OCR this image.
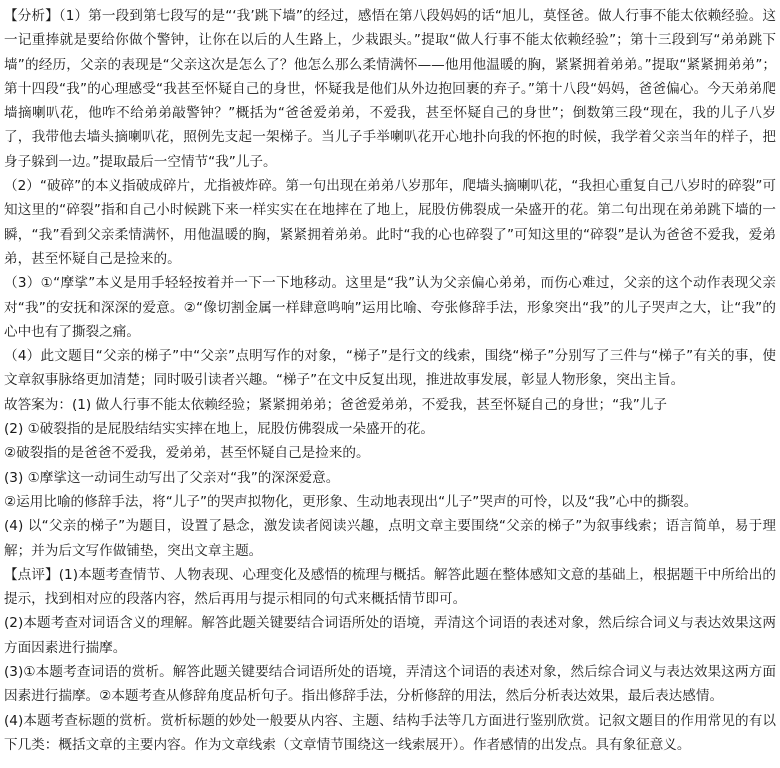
【分析】（1）第一段到第七段写的是“‘我’跳下墙”的经过，感悟在第八段妈妈的话“旭儿，莫怪爸。做人行事不能太依赖经验。这一记重捧就是要给你做个警钟，让你在以后的人生路上，少栽跟头。”提取“做人行事不能太依赖经验”；第十三段到写“弟弟跳下墙”的经历，父亲的表现是“父亲这次是怎么了？他怎么那么柔情满怀——他用他温暖的胸，紧紧拥着弟弟。”提取“紧紧拥弟弟”；第十四段“我”的心理感受“我甚至怀疑自己的身世，怀疑我是他们从外边抱回裹的弃子。”第十八段“妈妈，爸爸偏心。今天弟弟爬墙摘喇叭花，他咋不给弟弟敲警钟？”概括为“爸爸爱弟弟，不爱我，甚至怀疑自己的身世”；倒数第三段“现在，我的儿子八岁了，我带他去墙头摘喇叭花，照例先支起一架梯子。当儿子手举喇叭花开心地扑向我的怀抱的时候，我学着父亲当年的样子，把身子躲到一边。”提取最后一空情节“我”儿子。

（2）“破碎”的本义指破成碎片，尤指被炸碎。第一句出现在弟弟八岁那年，爬墙头摘喇叭花，“我担心重复自己八岁时的碎裂”可知这里的“碎裂”指和自己小时候跳下来一样实实在在地摔在了地上，屁股仿佛裂成一朵盛开的花。第二句出现在弟弟跳下墙的一瞬，“我”看到父亲柔情满怀，用他温暖的胸，紧紧拥着弟弟。此时“我的心也碎裂了”可知这里的“碎裂”是认为爸爸不爱我，爱弟弟，甚至怀疑自己是捡来的。

（3）①“摩挲”本义是用手轻轻按着并一下一下地移动。这里是“我”认为父亲偏心弟弟，而伤心难过，父亲的这个动作表现父亲对“我”的安抚和深深的爱意。②“像切割金属一样肆意鸣响”运用比喻、夸张修辞手法，形象突出“我”的儿子哭声之大，让“我”的心中也有了撕裂之痛。

（4）此文题目“父亲的梯子”中“父亲”点明写作的对象，“梯子”是行文的线索，围绕“梯子”分别写了三件与“梯子”有关的事，使文章叙事脉络更加清楚；同时吸引读者兴趣。“梯子”在文中反复出现，推进故事发展，彰显人物形象，突出主旨。

故答案为：(1) 做人行事不能太依赖经验；紧紧拥弟弟；爸爸爱弟弟，不爱我，甚至怀疑自己的身世；“我”儿子

(2) ①破裂指的是屁股结结实实摔在地上，屁股仿佛裂成一朵盛开的花。

②破裂指的是爸爸不爱我，爱弟弟，甚至怀疑自己是捡来的。

(3) ①摩挲这一动词生动写出了父亲对“我”的深深爱意。

②运用比喻的修辞手法，将“儿子”的哭声拟物化，更形象、生动地表现出“儿子”哭声的可怜，以及“我”心中的撕裂。

(4) 以“父亲的梯子”为题目，设置了悬念，激发读者阅读兴趣，点明文章主要围绕“父亲的梯子”为叙事线索；语言简单，易于理解；并为后文写作做铺垫，突出文章主题。

【点评】(1)本题考查情节、人物表现、心理变化及感悟的梳理与概括。解答此题在整体感知文意的基础上，根据题干中所给出的提示，找到相对应的段落内容，然后再用与提示相同的句式来概括情节即可。

(2)本题考查对词语含义的理解。解答此题关键要结合词语所处的语境，弄清这个词语的表述对象，然后综合词义与表达效果这两方面因素进行揣摩。

(3)①本题考查词语的赏析。解答此题关键要结合词语所处的语境，弄清这个词语的表述对象，然后综合词义与表达效果这两方面因素进行揣摩。②本题考查从修辞角度品析句子。指出修辞手法，分析修辞的用法，然后分析表达效果，最后表达感情。

(4)本题考查标题的赏析。赏析标题的妙处一般要从内容、主题、结构手法等几方面进行鉴别欣赏。记叙文题目的作用常见的有以下几类：概括文章的主要内容。作为文章线索（文章情节围绕这一线索展开）。作者感情的出发点。具有象征意义。
